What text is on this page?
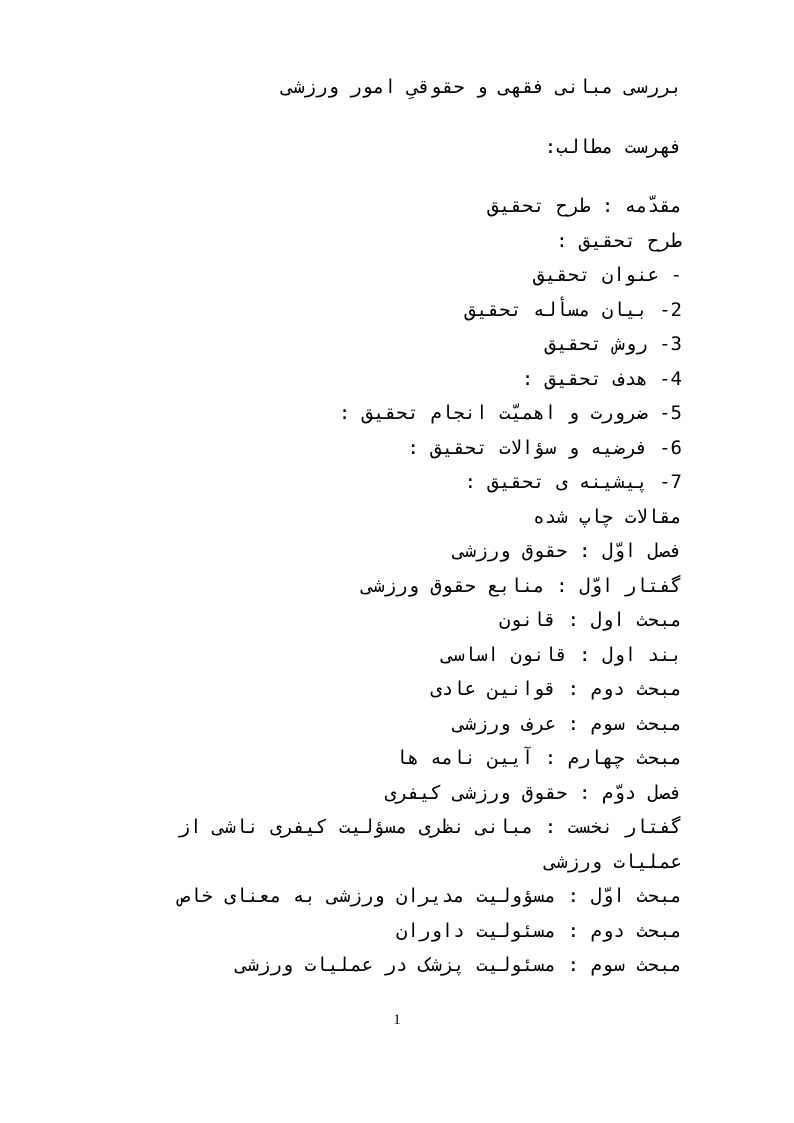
بررسی مبانی فقهی و حقوقیِ امور ورزشی
فهرست مطالب:
مقدّمه : طرح تحقیق
طرح تحقیق :
- عنوان تحقیق
2- بیان مسأله تحقیق
3- روش تحقیق
4- هدف تحقیق :
5- ضرورت و اهمیّت انجام تحقیق :
6- فرضیه و سؤالات تحقیق :
7- پیشینه ی تحقیق :
مقالات چاپ شده
فصل اوّل : حقوق ورزشی
گفتار اوّل : منابع حقوق ورزشی
مبحث اول : قانون
بند اول : قانون اساسی
مبحث دوم : قوانین عادی
مبحث سوم : عرف ورزشی
مبحث چهارم : آیین نامه ها
فصل دوّم : حقوق ورزشی کیفری
گفتار نخست : مبانی نظری مسؤلیت کیفری ناشی از عملیات ورزشی
مبحث اوّل : مسؤولیت مدیران ورزشی به معنای خاص
مبحث دوم : مسئولیت داوران
مبحث سوم : مسئولیت پزشک در عملیات ورزشی
1
